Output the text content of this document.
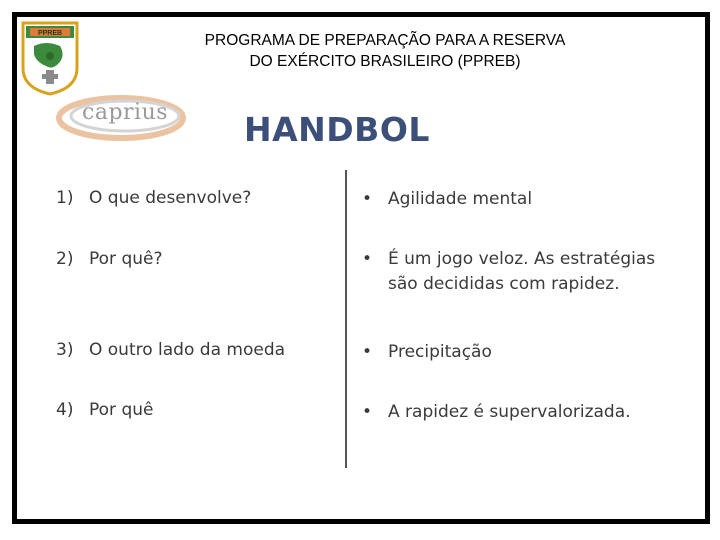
PPREB	PROGRAMA DE PREPARAÇÃO PARA A RESERVA
DO EXÉRCITO BRASILEIRO (PPREB)
caprius HANDBOL
1) O que desenvolve?
2) Por quê?
3) O outro lado da moeda
4) Por quê
• Agilidade mental
• É um jogo veloz. As estratégias são decididas com rapidez.
• Precipitação
• A rapidez é supervalorizada.
